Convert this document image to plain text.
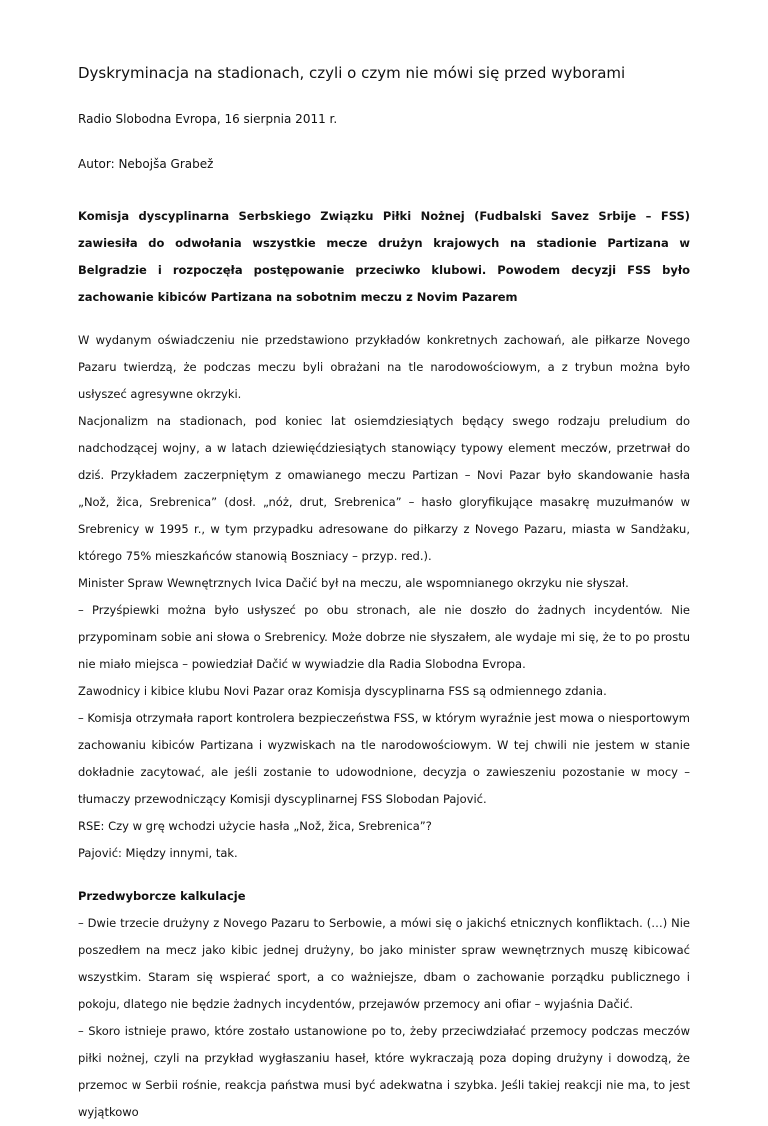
Dyskryminacja na stadionach, czyli o czym nie mówi się przed wyborami

Radio Slobodna Evropa, 16 sierpnia 2011 r.

Autor: Nebojša Grabež

Komisja dyscyplinarna Serbskiego Związku Piłki Nożnej (Fudbalski Savez Srbije – FSS) zawiesiła do odwołania wszystkie mecze drużyn krajowych na stadionie Partizana w Belgradzie i rozpoczęła postępowanie przeciwko klubowi. Powodem decyzji FSS było zachowanie kibiców Partizana na sobotnim meczu z Novim Pazarem

W wydanym oświadczeniu nie przedstawiono przykładów konkretnych zachowań, ale piłkarze Novego Pazaru twierdzą, że podczas meczu byli obrażani na tle narodowościowym, a z trybun można było usłyszeć agresywne okrzyki.

Nacjonalizm na stadionach, pod koniec lat osiemdziesiątych będący swego rodzaju preludium do nadchodzącej wojny, a w latach dziewięćdziesiątych stanowiący typowy element meczów, przetrwał do dziś. Przykładem zaczerpniętym z omawianego meczu Partizan – Novi Pazar było skandowanie hasła „Nož, žica, Srebrenica” (dosł. „nóż, drut, Srebrenica” – hasło gloryfikujące masakrę muzułmanów w Srebrenicy w 1995 r., w tym przypadku adresowane do piłkarzy z Novego Pazaru, miasta w Sandżaku, którego 75% mieszkańców stanowią Boszniacy – przyp. red.).

Minister Spraw Wewnętrznych Ivica Dačić był na meczu, ale wspomnianego okrzyku nie słyszał.

– Przyśpiewki można było usłyszeć po obu stronach, ale nie doszło do żadnych incydentów. Nie przypominam sobie ani słowa o Srebrenicy. Może dobrze nie słyszałem, ale wydaje mi się, że to po prostu nie miało miejsca – powiedział Dačić w wywiadzie dla Radia Slobodna Evropa.

Zawodnicy i kibice klubu Novi Pazar oraz Komisja dyscyplinarna FSS są odmiennego zdania.

– Komisja otrzymała raport kontrolera bezpieczeństwa FSS, w którym wyraźnie jest mowa o niesportowym zachowaniu kibiców Partizana i wyzwiskach na tle narodowościowym. W tej chwili nie jestem w stanie dokładnie zacytować, ale jeśli zostanie to udowodnione, decyzja o zawieszeniu pozostanie w mocy – tłumaczy przewodniczący Komisji dyscyplinarnej FSS Slobodan Pajović.

RSE: Czy w grę wchodzi użycie hasła „Nož, žica, Srebrenica”?

Pajović: Między innymi, tak.

Przedwyborcze kalkulacje

– Dwie trzecie drużyny z Novego Pazaru to Serbowie, a mówi się o jakichś etnicznych konfliktach. (…) Nie poszedłem na mecz jako kibic jednej drużyny, bo jako minister spraw wewnętrznych muszę kibicować wszystkim. Staram się wspierać sport, a co ważniejsze, dbam o zachowanie porządku publicznego i pokoju, dlatego nie będzie żadnych incydentów, przejawów przemocy ani ofiar – wyjaśnia Dačić.

– Skoro istnieje prawo, które zostało ustanowione po to, żeby przeciwdziałać przemocy podczas meczów piłki nożnej, czyli na przykład wygłaszaniu haseł, które wykraczają poza doping drużyny i dowodzą, że przemoc w Serbii rośnie, reakcja państwa musi być adekwatna i szybka. Jeśli takiej reakcji nie ma, to jest wyjątkowo
